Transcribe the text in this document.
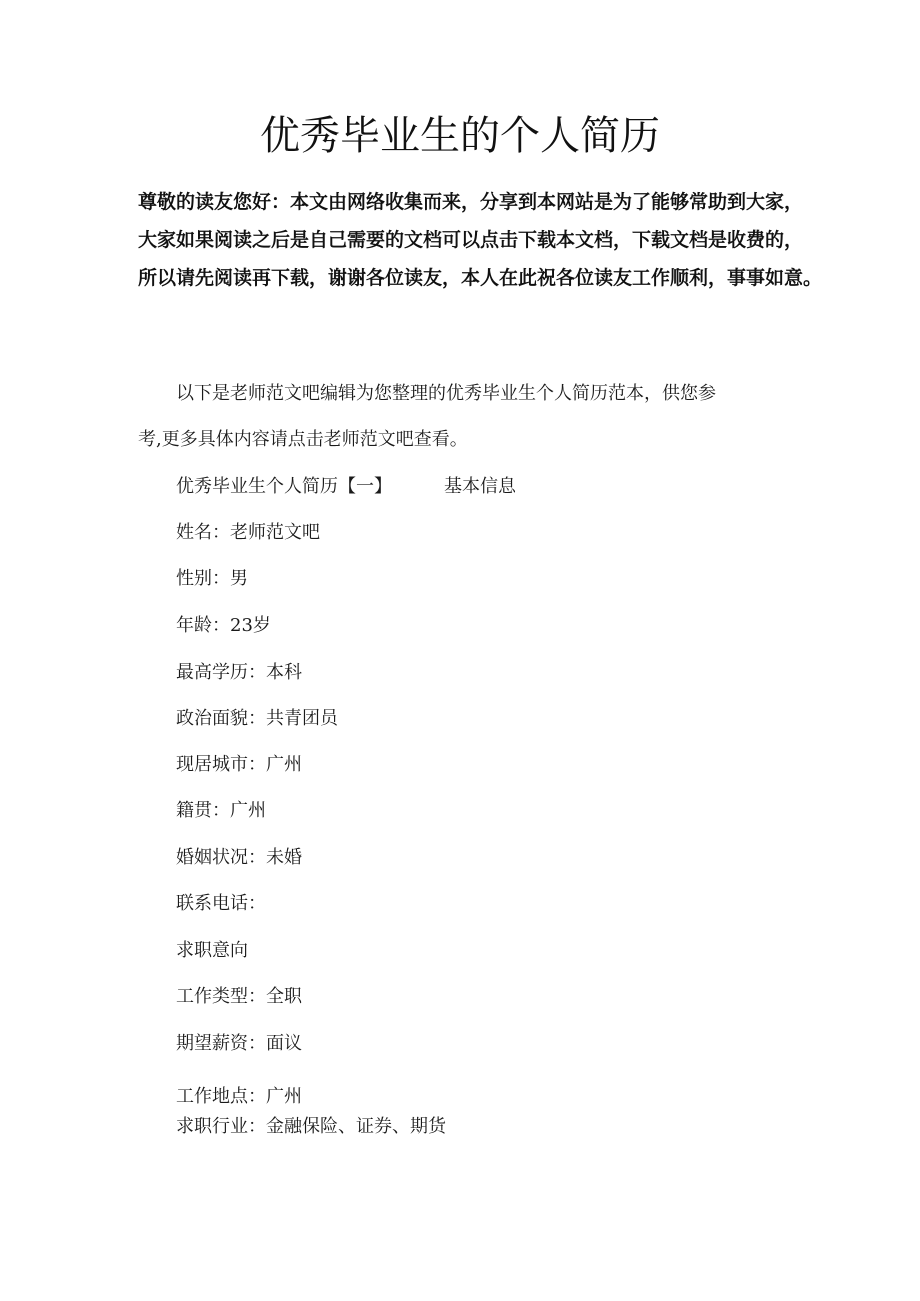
优秀毕业生的个人简历
尊敬的读友您好：本文由网络收集而来，分享到本网站是为了能够常助到大家，
大家如果阅读之后是自己需要的文档可以点击下载本文档，下载文档是收费的，
所以请先阅读再下载，谢谢各位读友，本人在此祝各位读友工作顺利，事事如意。
以下是老师范文吧编辑为您整理的优秀毕业生个人简历范本，供您参
考,更多具体内容请点击老师范文吧查看。
优秀毕业生个人简历【一】	基本信息
姓名：老师范文吧
性别：男
年龄：23岁
最高学历：本科
政治面貌：共青团员
现居城市：广州
籍贯：广州
婚姻状况：未婚
联系电话：
求职意向
工作类型：全职
期望薪资：面议
工作地点：广州
求职行业：金融保险、证券、期货
